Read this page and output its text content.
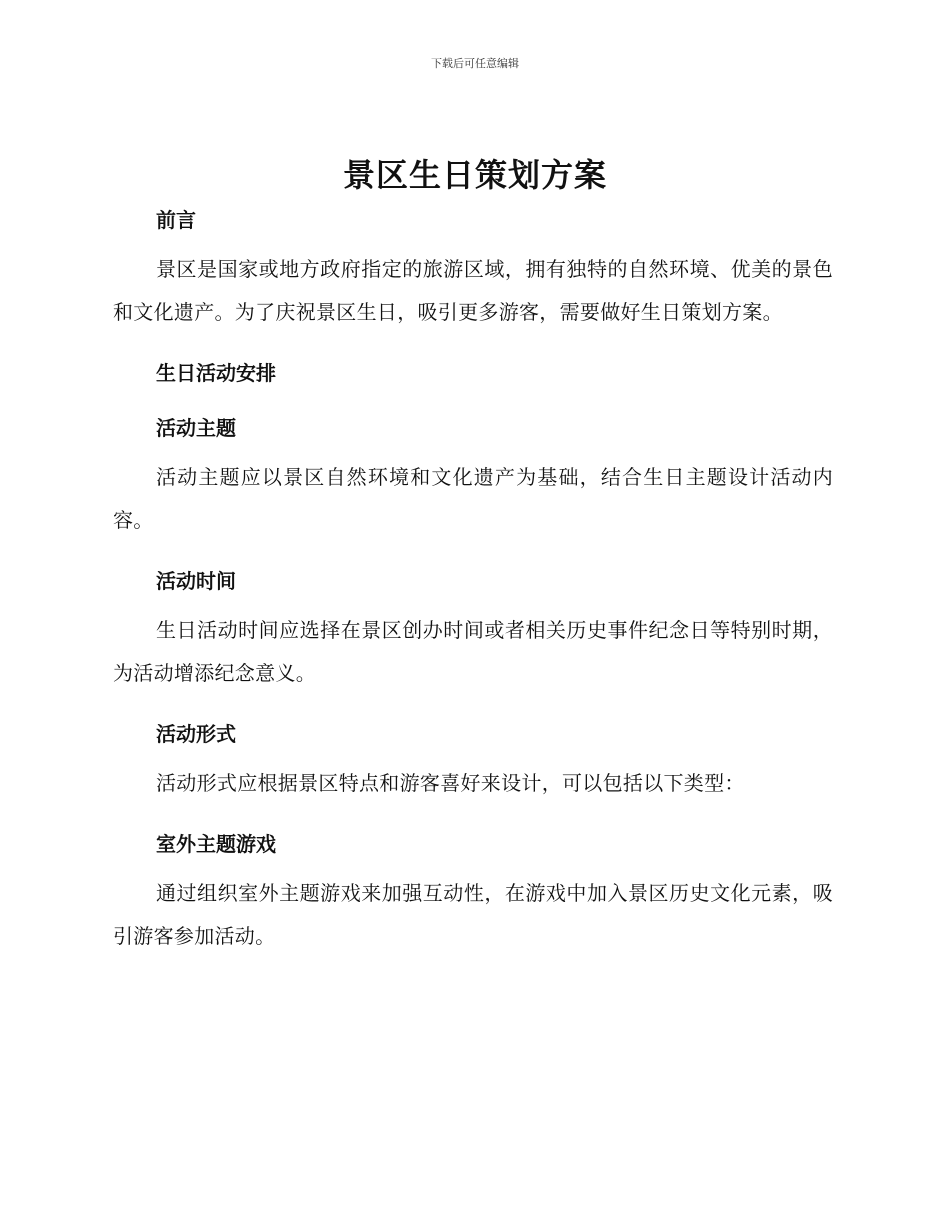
下载后可任意编辑
景区生日策划方案
前言

景区是国家或地方政府指定的旅游区域，拥有独特的自然环境、优美的景色和文化遗产。为了庆祝景区生日，吸引更多游客，需要做好生日策划方案。

生日活动安排
活动主题

活动主题应以景区自然环境和文化遗产为基础，结合生日主题设计活动内容。

活动时间

生日活动时间应选择在景区创办时间或者相关历史事件纪念日等特别时期，为活动增添纪念意义。

活动形式

活动形式应根据景区特点和游客喜好来设计，可以包括以下类型：

室外主题游戏

通过组织室外主题游戏来加强互动性，在游戏中加入景区历史文化元素，吸引游客参加活动。
